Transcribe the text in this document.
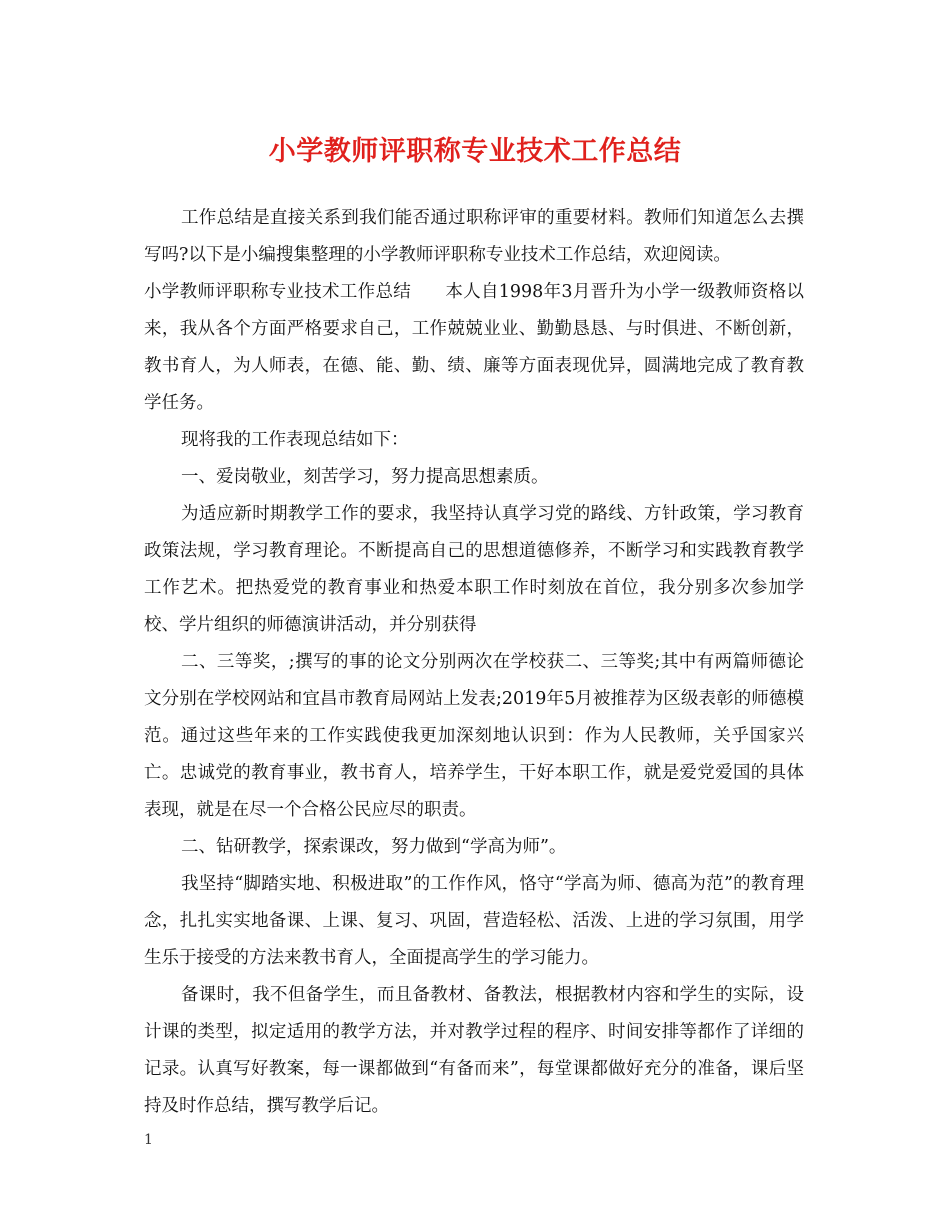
小学教师评职称专业技术工作总结

工作总结是直接关系到我们能否通过职称评审的重要材料。教师们知道怎么去撰写吗?以下是小编搜集整理的小学教师评职称专业技术工作总结，欢迎阅读。

小学教师评职称专业技术工作总结 本人自1998年3月晋升为小学一级教师资格以来，我从各个方面严格要求自己，工作兢兢业业、勤勤恳恳、与时俱进、不断创新，教书育人，为人师表，在德、能、勤、绩、廉等方面表现优异，圆满地完成了教育教学任务。

现将我的工作表现总结如下：

一、爱岗敬业，刻苦学习，努力提高思想素质。

为适应新时期教学工作的要求，我坚持认真学习党的路线、方针政策，学习教育政策法规，学习教育理论。不断提高自己的思想道德修养，不断学习和实践教育教学工作艺术。把热爱党的教育事业和热爱本职工作时刻放在首位，我分别多次参加学校、学片组织的师德演讲活动，并分别获得

二、三等奖，;撰写的事的论文分别两次在学校获二、三等奖;其中有两篇师德论文分别在学校网站和宜昌市教育局网站上发表;2019年5月被推荐为区级表彰的师德模范。通过这些年来的工作实践使我更加深刻地认识到：作为人民教师，关乎国家兴亡。忠诚党的教育事业，教书育人，培养学生，干好本职工作，就是爱党爱国的具体表现，就是在尽一个合格公民应尽的职责。

二、钻研教学，探索课改，努力做到“学高为师”。

我坚持“脚踏实地、积极进取”的工作作风，恪守“学高为师、德高为范”的教育理念，扎扎实实地备课、上课、复习、巩固，营造轻松、活泼、上进的学习氛围，用学生乐于接受的方法来教书育人，全面提高学生的学习能力。

备课时，我不但备学生，而且备教材、备教法，根据教材内容和学生的实际，设计课的类型，拟定适用的教学方法，并对教学过程的程序、时间安排等都作了详细的记录。认真写好教案，每一课都做到“有备而来”，每堂课都做好充分的准备，课后坚持及时作总结，撰写教学后记。

1
